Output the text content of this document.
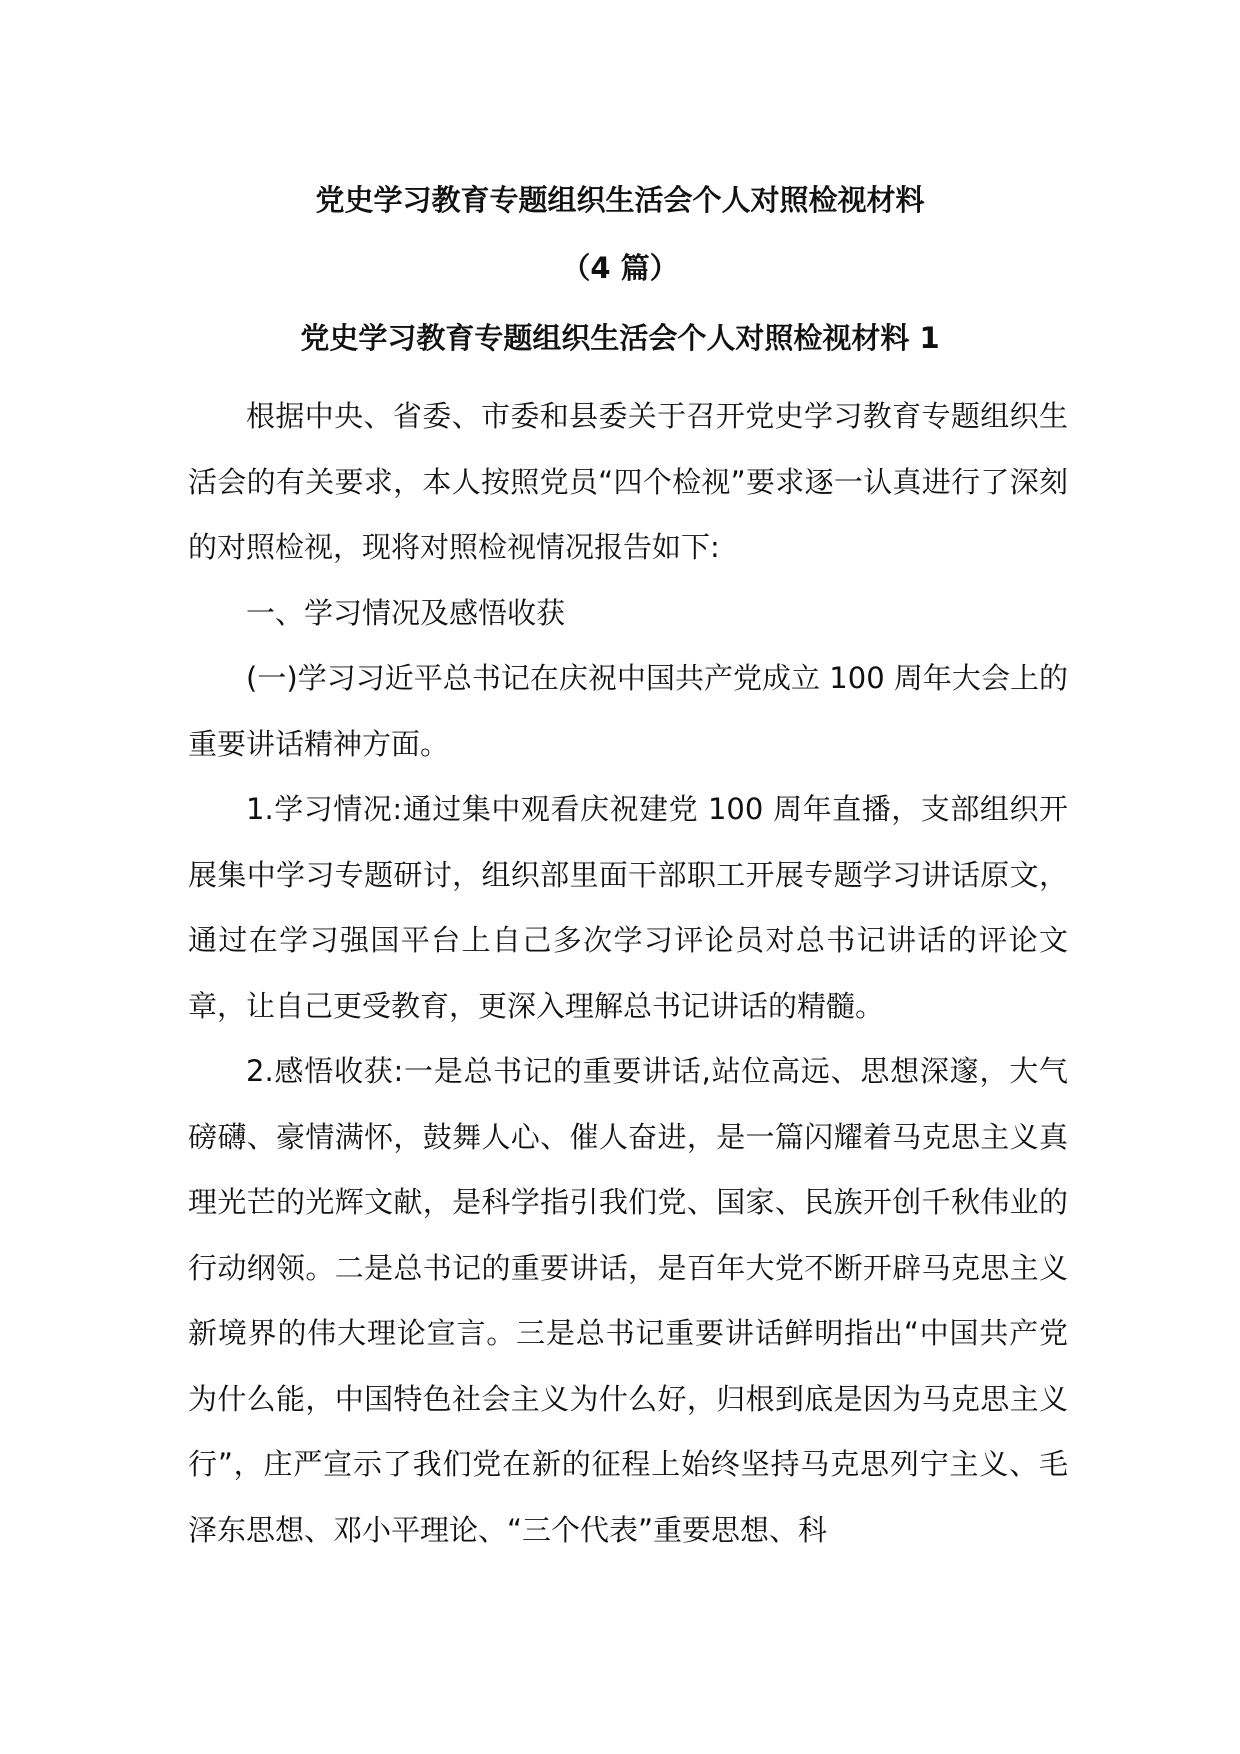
党史学习教育专题组织生活会个人对照检视材料
（4 篇）
党史学习教育专题组织生活会个人对照检视材料 1

根据中央、省委、市委和县委关于召开党史学习教育专题组织生活会的有关要求，本人按照党员“四个检视”要求逐一认真进行了深刻的对照检视，现将对照检视情况报告如下:

一、学习情况及感悟收获

(一)学习习近平总书记在庆祝中国共产党成立 100 周年大会上的重要讲话精神方面。

1.学习情况:通过集中观看庆祝建党 100 周年直播，支部组织开展集中学习专题研讨，组织部里面干部职工开展专题学习讲话原文，通过在学习强国平台上自己多次学习评论员对总书记讲话的评论文章，让自己更受教育，更深入理解总书记讲话的精髓。

2.感悟收获:一是总书记的重要讲话,站位高远、思想深邃，大气磅礴、豪情满怀，鼓舞人心、催人奋进，是一篇闪耀着马克思主义真理光芒的光辉文献，是科学指引我们党、国家、民族开创千秋伟业的行动纲领。二是总书记的重要讲话，是百年大党不断开辟马克思主义新境界的伟大理论宣言。三是总书记重要讲话鲜明指出“中国共产党为什么能，中国特色社会主义为什么好，归根到底是因为马克思主义行”，庄严宣示了我们党在新的征程上始终坚持马克思列宁主义、毛泽东思想、邓小平理论、“三个代表”重要思想、科
